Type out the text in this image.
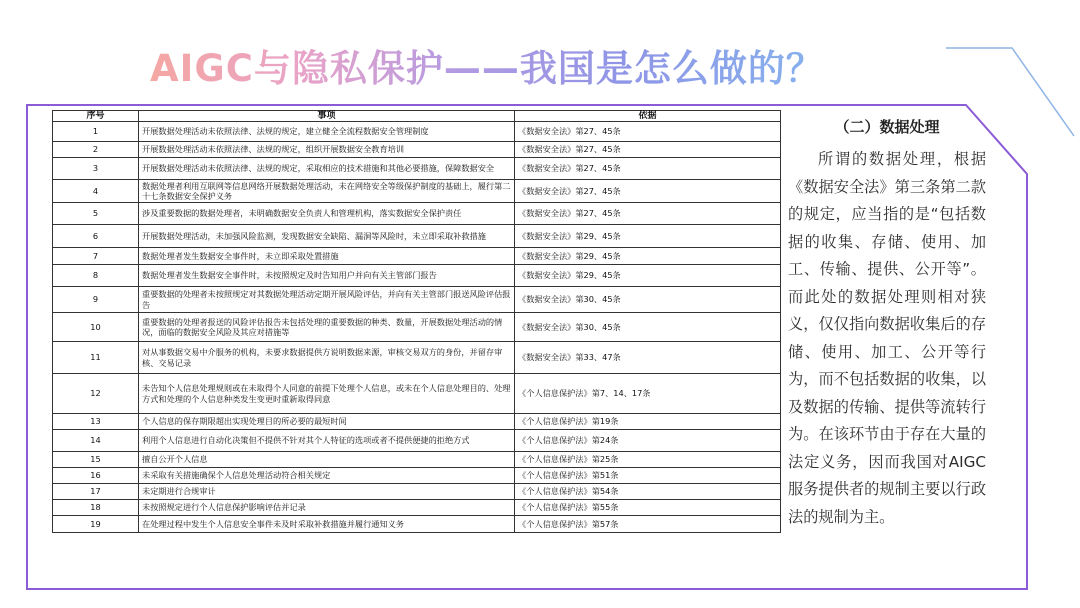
AIGC与隐私保护——我国是怎么做的？
序号	事项	依据
1	开展数据处理活动未依照法律、法规的规定，建立健全全流程数据安全管理制度	《数据安全法》第27、45条
2	开展数据处理活动未依照法律、法规的规定，组织开展数据安全教育培训	《数据安全法》第27、45条
3	开展数据处理活动未依照法律、法规的规定，采取相应的技术措施和其他必要措施，保障数据安全	《数据安全法》第27、45条
4	数据处理者利用互联网等信息网络开展数据处理活动，未在网络安全等级保护制度的基础上，履行第二十七条数据安全保护义务	《数据安全法》第27、45条
5	涉及重要数据的数据处理者，未明确数据安全负责人和管理机构，落实数据安全保护责任	《数据安全法》第27、45条
6	开展数据处理活动，未加强风险监测，发现数据安全缺陷、漏洞等风险时，未立即采取补救措施	《数据安全法》第29、45条
7	数据处理者发生数据安全事件时，未立即采取处置措施	《数据安全法》第29、45条
8	数据处理者发生数据安全事件时，未按照规定及时告知用户并向有关主管部门报告	《数据安全法》第29、45条
9	重要数据的处理者未按照规定对其数据处理活动定期开展风险评估，并向有关主管部门报送风险评估报告	《数据安全法》第30、45条
10	重要数据的处理者报送的风险评估报告未包括处理的重要数据的种类、数量，开展数据处理活动的情况，面临的数据安全风险及其应对措施等	《数据安全法》第30、45条
11	对从事数据交易中介服务的机构，未要求数据提供方说明数据来源，审核交易双方的身份，并留存审核、交易记录	《数据安全法》第33、47条
12	未告知个人信息处理规则或在未取得个人同意的前提下处理个人信息，或未在个人信息处理目的、处理方式和处理的个人信息种类发生变更时重新取得同意	《个人信息保护法》第7、14、17条
13	个人信息的保存期限超出实现处理目的所必要的最短时间	《个人信息保护法》第19条
14	利用个人信息进行自动化决策但不提供不针对其个人特征的选项或者不提供便捷的拒绝方式	《个人信息保护法》第24条
15	擅自公开个人信息	《个人信息保护法》第25条
16	未采取有关措施确保个人信息处理活动符合相关规定	《个人信息保护法》第51条
17	未定期进行合规审计	《个人信息保护法》第54条
18	未按照规定进行个人信息保护影响评估并记录	《个人信息保护法》第55条
19	在处理过程中发生个人信息安全事件未及时采取补救措施并履行通知义务	《个人信息保护法》第57条
（二）数据处理

所谓的数据处理，根据《数据安全法》第三条第二款的规定，应当指的是“包括数据的收集、存储、使用、加工、传输、提供、公开等”。而此处的数据处理则相对狭义，仅仅指向数据收集后的存储、使用、加工、公开等行为，而不包括数据的收集，以及数据的传输、提供等流转行为。在该环节由于存在大量的法定义务，因而我国对AIGC服务提供者的规制主要以行政法的规制为主。
